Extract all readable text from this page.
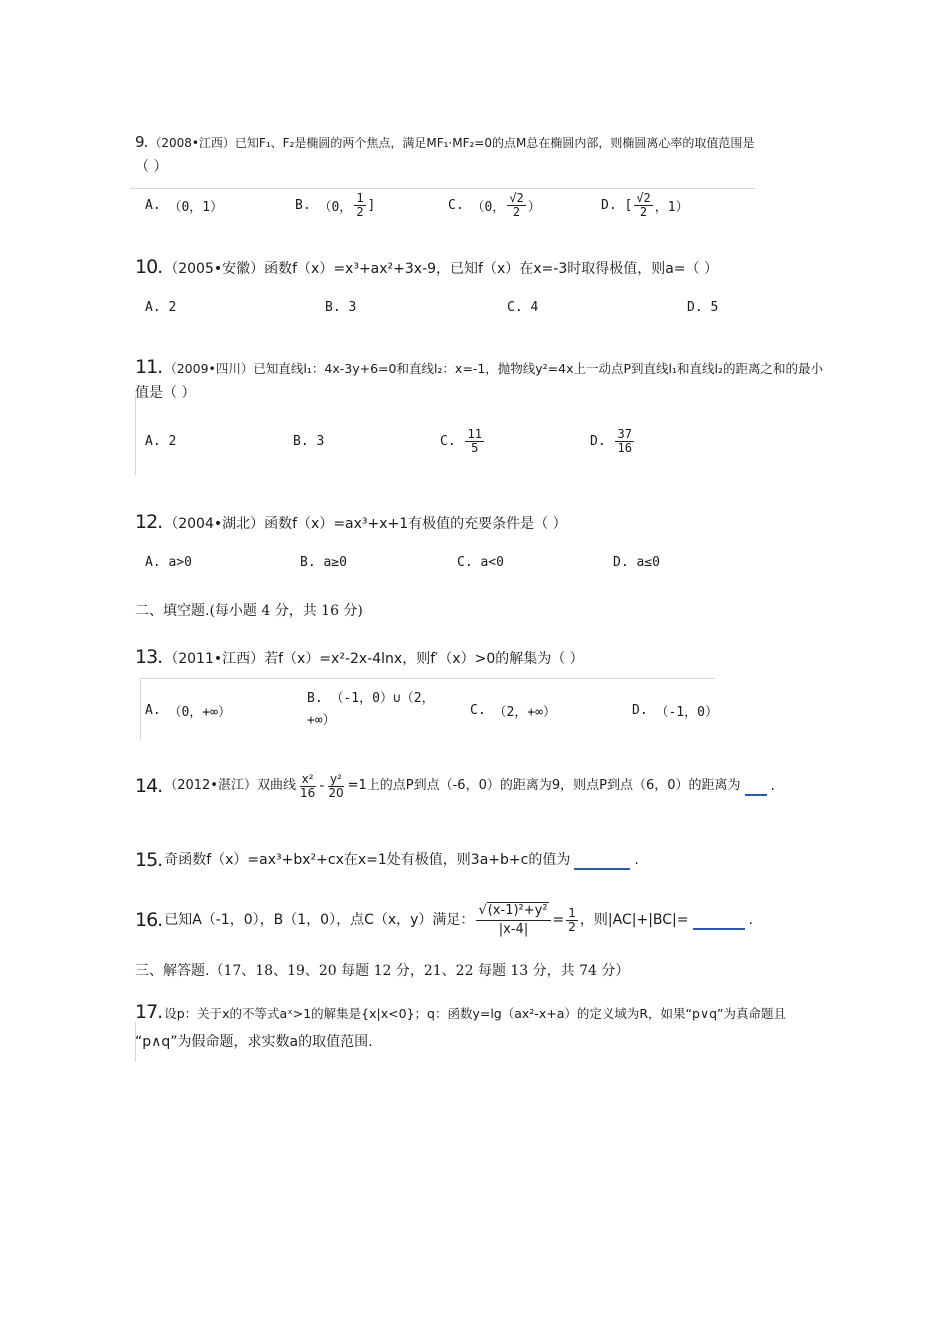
9. （2008•江西）已知F₁、F₂是椭圆的两个焦点，满足MF₁·MF₂=0的点M总在椭圆内部，则椭圆离心率的取值范围是
（ ）
A.
（0，1）	B.
（0， $\frac{1}{2}$ ]	C.
（0， $\frac{√2}{2}$ ）	D.
[ $\frac{√2}{2}$ ，1）
10. （2005•安徽）函数f（x）=x³+ax²+3x-9，已知f（x）在x=-3时取得极值，则a=（ ）
A.
2	B.
3	C.
4	D.
5
11. （2009•四川）已知直线l₁：4x-3y+6=0和直线l₂：x=-1，抛物线y²=4x上一动点P到直线l₁和直线l₂的距离之和的最小
值是（ ）
A.
2	B.
3	C.
$\frac{11}{5}$	D.
$\frac{37}{16}$
12. （2004•湖北）函数f（x）=ax³+x+1有极值的充要条件是（ ）
A.
a>0	B.
a≥0	C.
a<0	D.
a≤0
二、填空题.(每小题 4 分，共 16 分)
13. （2011•江西）若f（x）=x²-2x-4lnx，则f′（x）>0的解集为（ ）
A.
（0，+∞）
B. （-1，0）∪（2，
+∞）
C.
（2，+∞）	D.
（-1，0）
14. （2012•湛江）双曲线 $\frac{\text{x²}}{16} - \frac{\text{y²}}{20} =1$上的点P到点（-6，0）的距离为9，则点P到点（6，0）的距离为 .
15. 奇函数f（x）=ax³+bx²+cx在x=1处有极值，则3a+b+c的值为	.
16. 已知A（-1，0），B（1，0），点C（x，y）满足： $\frac{\text{√(x-1)²+y²}}{|x-4|} = \frac{1}{2}$ ，则|AC|+|BC|=	.
三、解答题.（17、18、19、20 每题 12 分，21、22 每题 13 分，共 74 分）
17. 设p：关于x的不等式aˣ>1的解集是{x|x<0}；q：函数y=lg（ax²-x+a）的定义域为R，如果“p∨q”为真命题且
“p∧q”为假命题，求实数a的取值范围.
